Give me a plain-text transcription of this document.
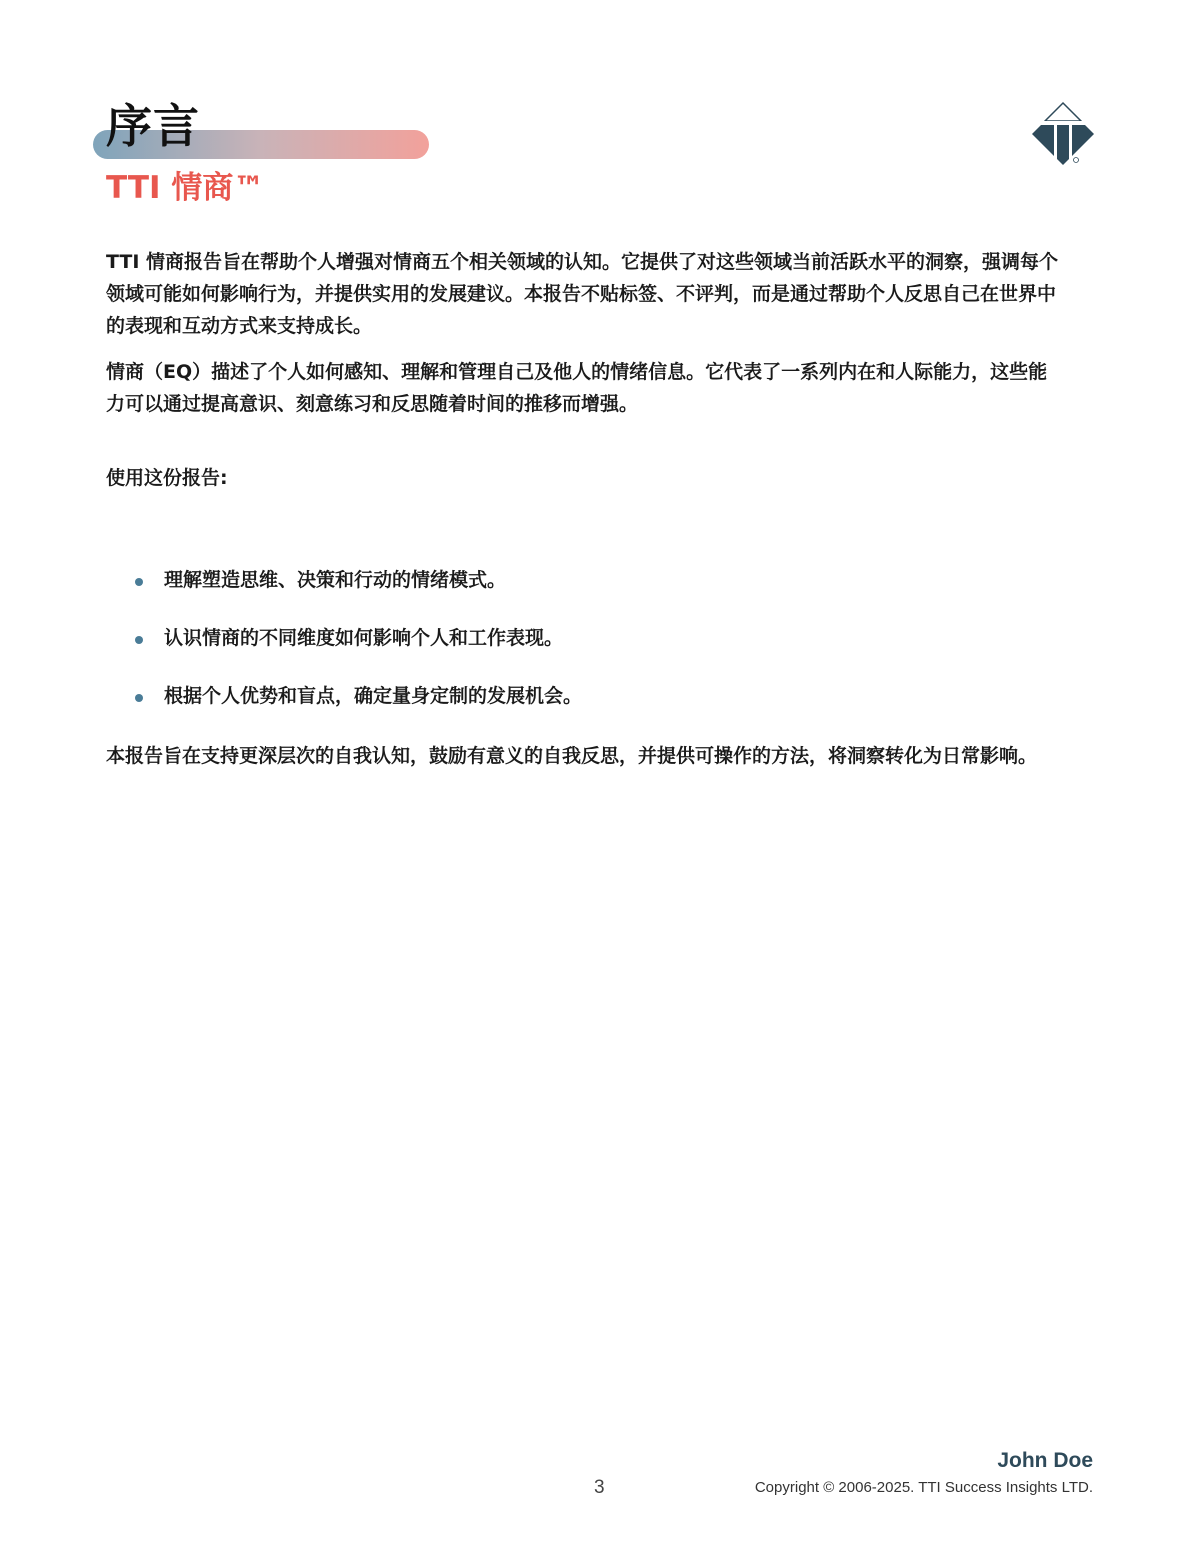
序言
TTI 情商™

TTI 情商报告旨在帮助个人增强对情商五个相关领域的认知。它提供了对这些领域当前活跃水平的洞察，强调每个领域可能如何影响行为，并提供实用的发展建议。本报告不贴标签、不评判，而是通过帮助个人反思自己在世界中的表现和互动方式来支持成长。

情商（EQ）描述了个人如何感知、理解和管理自己及他人的情绪信息。它代表了一系列内在和人际能力，这些能力可以通过提高意识、刻意练习和反思随着时间的推移而增强。

使用这份报告:

理解塑造思维、决策和行动的情绪模式。
认识情商的不同维度如何影响个人和工作表现。
根据个人优势和盲点，确定量身定制的发展机会。

本报告旨在支持更深层次的自我认知，鼓励有意义的自我反思，并提供可操作的方法，将洞察转化为日常影响。

3
John Doe
Copyright © 2006-2025. TTI Success Insights LTD.
